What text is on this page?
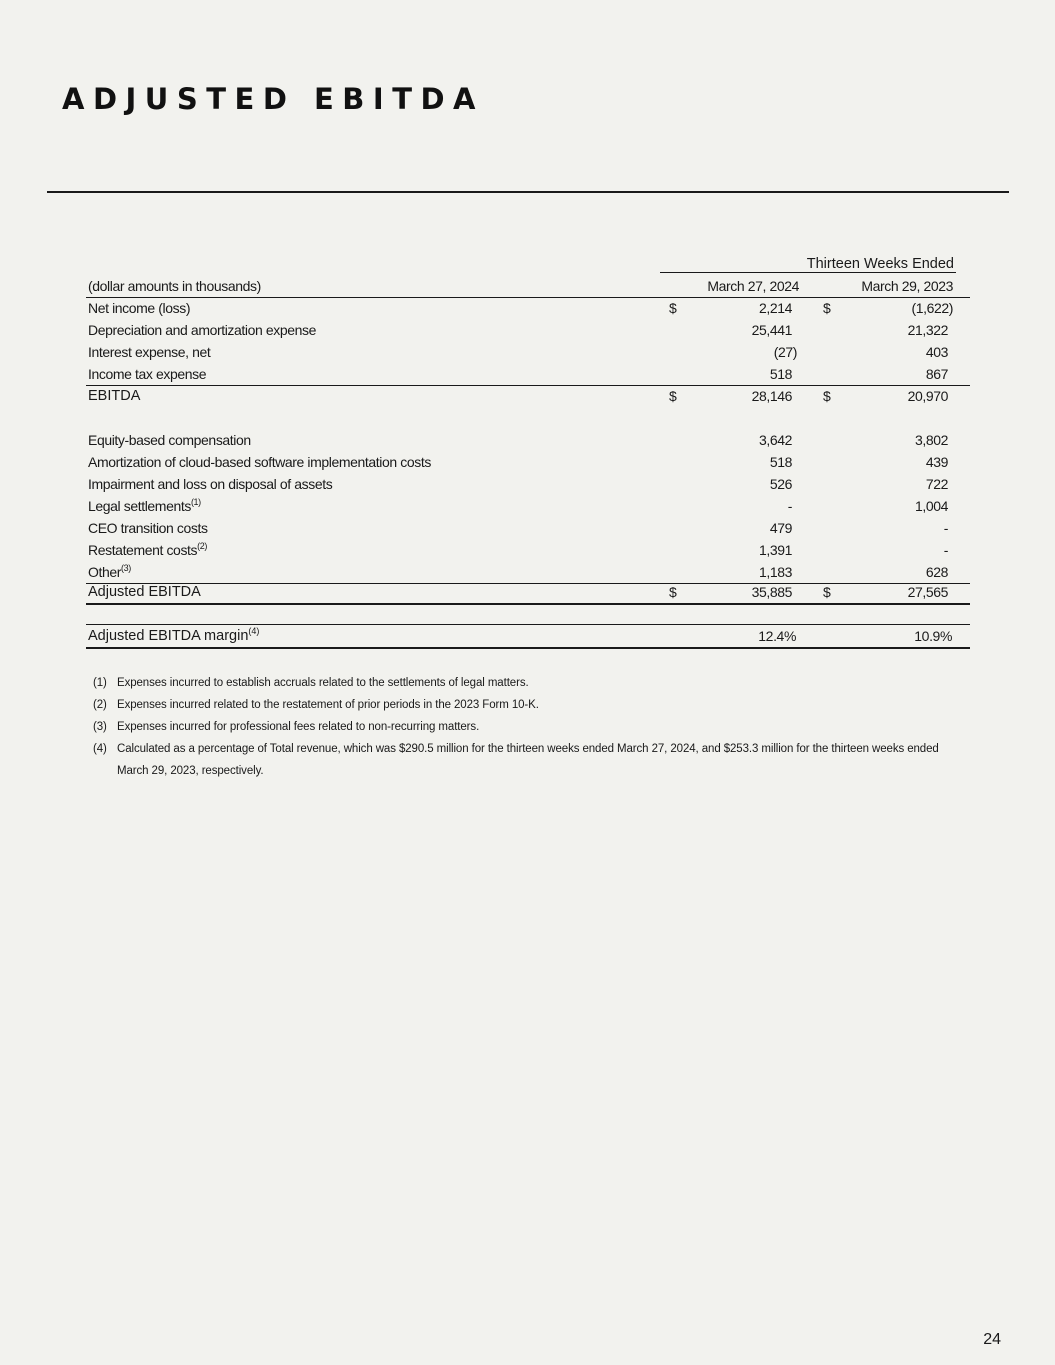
ADJUSTED EBITDA
Thirteen Weeks Ended
(dollar amounts in thousands)	March 27, 2024	March 29, 2023
Net income (loss)	$	2,214 $	(1,622)
Depreciation and amortization expense	25,441	21,322
Interest expense, net	(27)	403
Income tax expense	518	867
EBITDA	$	28,146 $	20,970
Equity-based compensation	3,642	3,802
Amortization of cloud-based software implementation costs	518	439
Impairment and loss on disposal of assets	526	722
Legal settlements$^{(1)}$	-	1,004
CEO transition costs	479	-
Restatement costs$^{(2)}$	1,391	-
Other$^{(3)}$	1,183	628
Adjusted EBITDA	$	35,885 $	27,565
Adjusted EBITDA margin$^{(4)}$	12.4%	10.9%
(1) Expenses incurred to establish accruals related to the settlements of legal matters.
(2) Expenses incurred related to the restatement of prior periods in the 2023 Form 10-K.
(3) Expenses incurred for professional fees related to non-recurring matters.
(4) Calculated as a percentage of Total revenue, which was $290.5 million for the thirteen weeks ended March 27, 2024, and $253.3 million for the thirteen weeks ended March 29, 2023, respectively.
24
